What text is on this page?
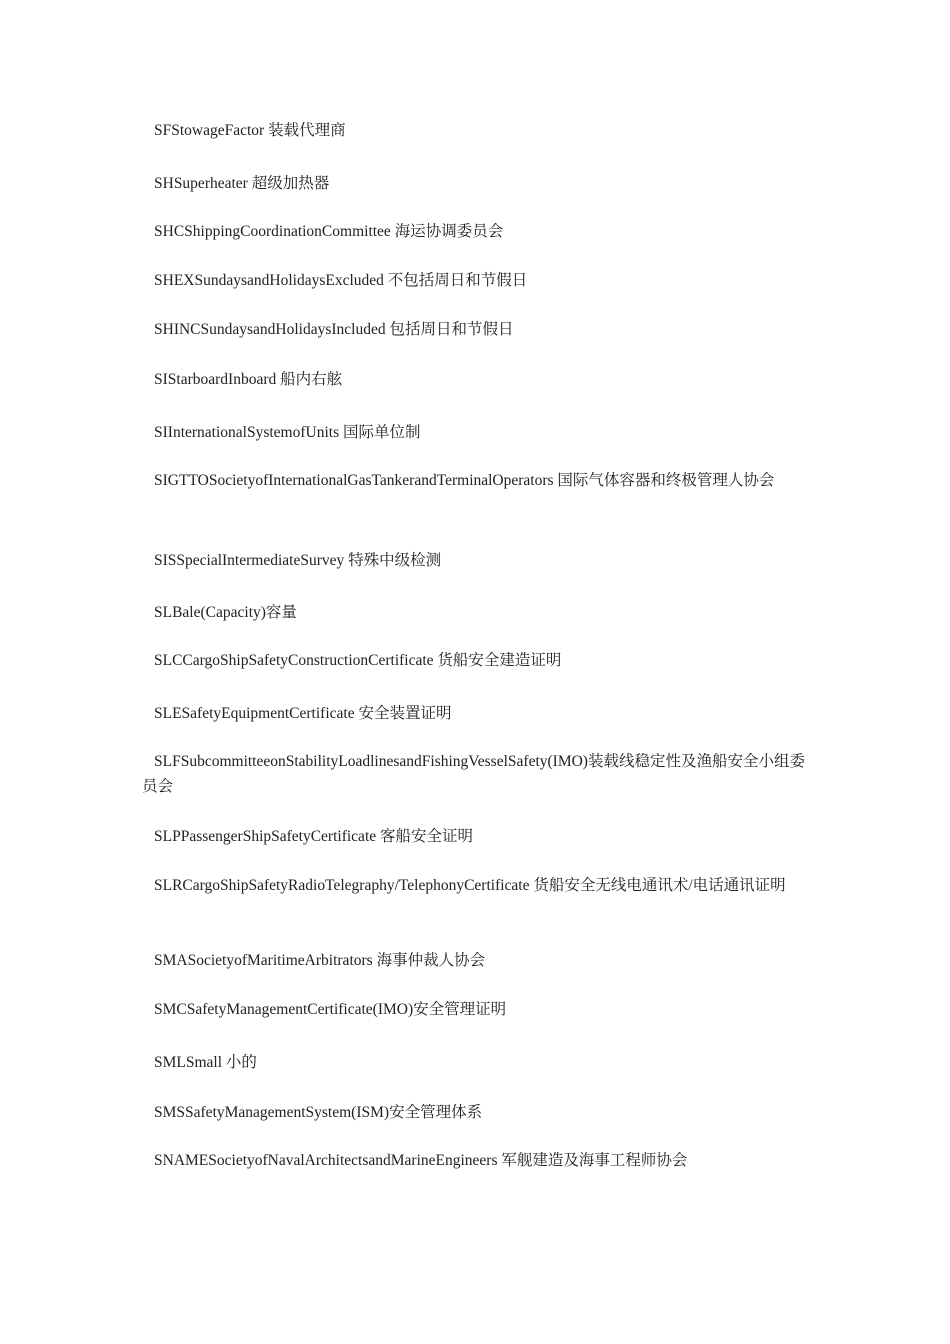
SFStowageFactor 装载代理商

SHSuperheater 超级加热器

SHCShippingCoordinationCommittee 海运协调委员会

SHEXSundaysandHolidaysExcluded 不包括周日和节假日

SHINCSundaysandHolidaysIncluded 包括周日和节假日

SIStarboardInboard 船内右舷

SIInternationalSystemofUnits 国际单位制

SIGTTOSocietyofInternationalGasTankerandTerminalOperators 国际气体容器和终极管理人协会

SISSpecialIntermediateSurvey 特殊中级检测

SLBale(Capacity)容量

SLCCargoShipSafetyConstructionCertificate 货船安全建造证明

SLESafetyEquipmentCertificate 安全装置证明

SLFSubcommitteeonStabilityLoadlinesandFishingVesselSafety(IMO)装载线稳定性及渔船安全小组委员会

SLPPassengerShipSafetyCertificate 客船安全证明

SLRCargoShipSafetyRadioTelegraphy/TelephonyCertificate 货船安全无线电通讯术/电话通讯证明

SMASocietyofMaritimeArbitrators 海事仲裁人协会

SMCSafetyManagementCertificate(IMO)安全管理证明

SMLSmall 小的

SMSSafetyManagementSystem(ISM)安全管理体系

SNAMESocietyofNavalArchitectsandMarineEngineers 军舰建造及海事工程师协会
